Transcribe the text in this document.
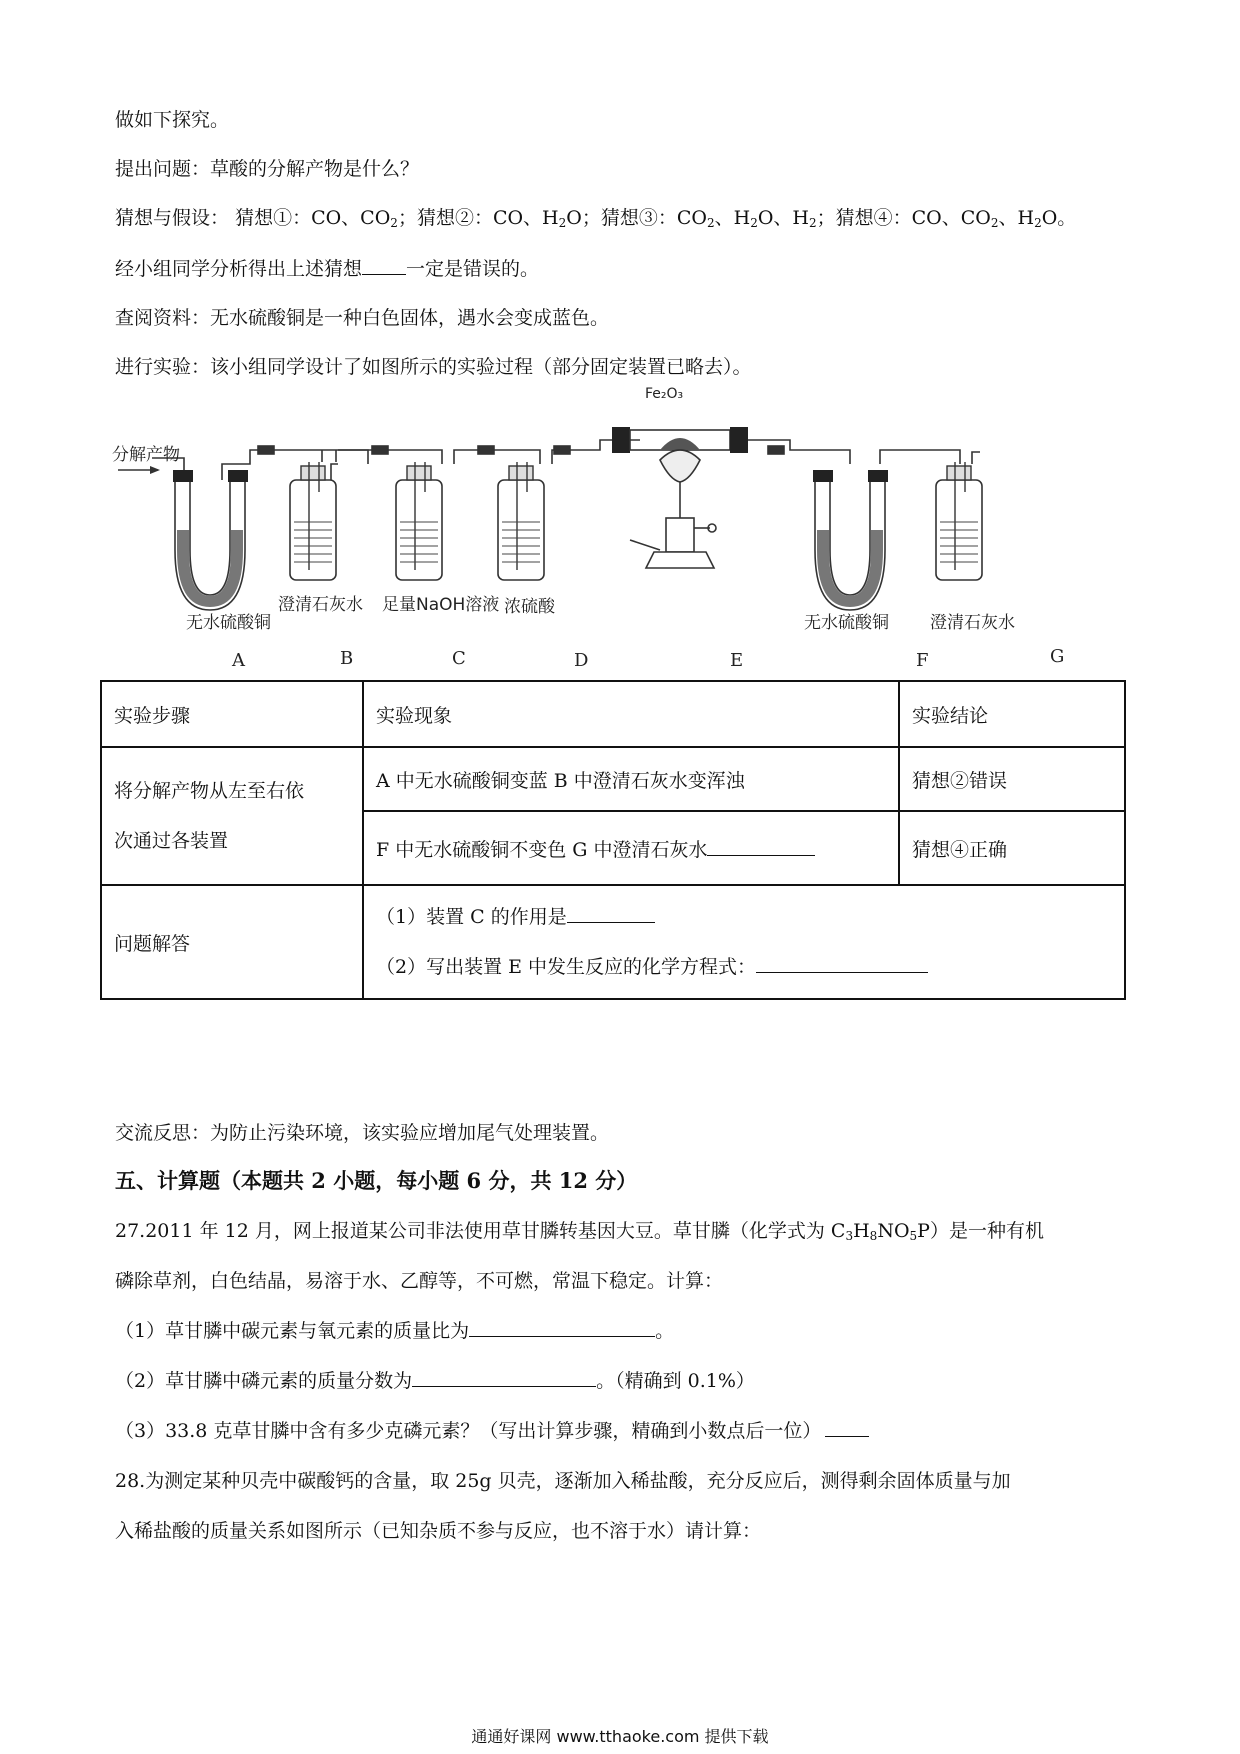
做如下探究。
提出问题：草酸的分解产物是什么？
猜想与假设： 猜想①：CO、$CO_2$；猜想②：CO、$H_2O$；猜想③：$CO_2$、$H_2O$、$H_2$；猜想④：CO、$CO_2$、$H_2O$。
经小组同学分析得出上述猜想 一定是错误的。
查阅资料：无水硫酸铜是一种白色固体，遇水会变成蓝色。
进行实验：该小组同学设计了如图所示的实验过程（部分固定装置已略去）。
Fe₂O₃
分解产物
无水硫酸铜
澄清石灰水 足量NaOH溶液 浓硫酸
无水硫酸铜 澄清石灰水
A	B	C	D	E	F	G
实验步骤	实验现象	实验结论
将分解产物从左至右依
次通过各装置	A 中无水硫酸铜变蓝 B 中澄清石灰水变浑浊	猜想②错误
	F 中无水硫酸铜不变色 G 中澄清石灰水	猜想④正确
问题解答	（1）装置 C 的作用是
（2）写出装置 E 中发生反应的化学方程式：	
交流反思：为防止污染环境，该实验应增加尾气处理装置。
五、计算题（本题共 2 小题，每小题 6 分，共 12 分）
27.2011 年 12 月，网上报道某公司非法使用草甘膦转基因大豆。草甘膦（化学式为 $C_3H_8NO_5P$）是一种有机
磷除草剂，白色结晶，易溶于水、乙醇等，不可燃，常温下稳定。计算：
（1）草甘膦中碳元素与氧元素的质量比为	。
（2）草甘膦中磷元素的质量分数为	。（精确到 0.1%）
（3）33.8 克草甘膦中含有多少克磷元素？（写出计算步骤，精确到小数点后一位）
28.为测定某种贝壳中碳酸钙的含量，取 25g 贝壳，逐渐加入稀盐酸，充分反应后，测得剩余固体质量与加
入稀盐酸的质量关系如图所示（已知杂质不参与反应，也不溶于水）请计算：
通通好课网 www.tthaoke.com 提供下载
